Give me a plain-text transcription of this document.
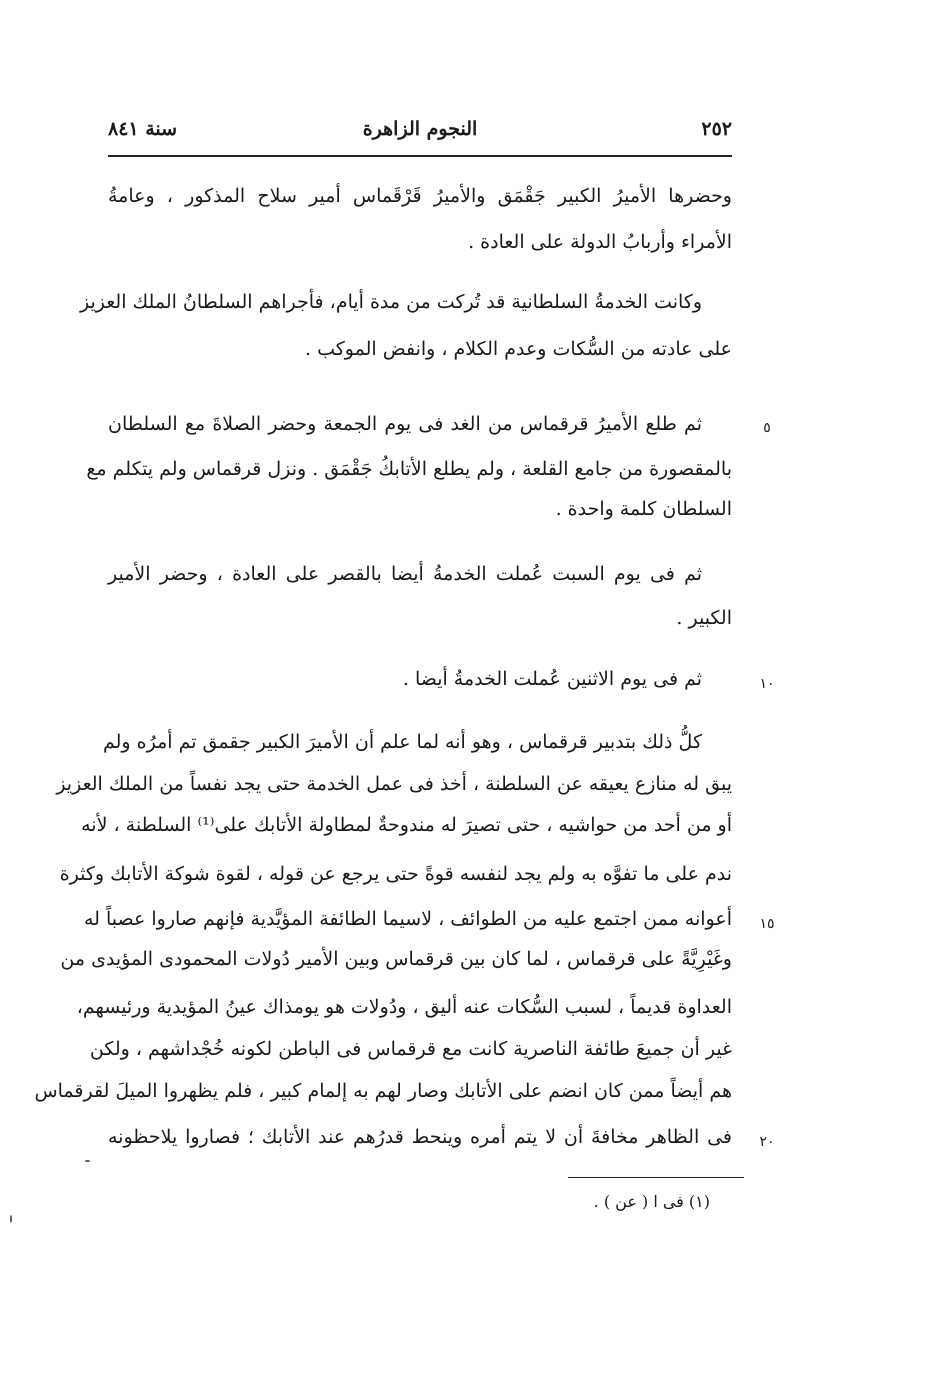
٢٥٢
النجوم الزاهرة
سنة ٨٤١
وحضرها الأميرُ الكبير جَقْمَق والأميرُ قَرْقَماس أمير سلاح المذكور ، وعامةُ
الأمراء وأربابُ الدولة على العادة .
وكانت الخدمةُ السلطانية قد تُركت من مدة أيام، فأجراهم السلطانُ الملك العزيز
على عادته من السُّكات وعدم الكلام ، وانفض الموكب .
ثم طلع الأميرُ قرقماس من الغد فى يوم الجمعة وحضر الصلاةَ مع السلطان
بالمقصورة من جامع القلعة ، ولم يطلع الأتابكُ جَقْمَق . ونزل قرقماس ولم يتكلم مع
السلطان كلمة واحدة .
ثم فى يوم السبت عُملت الخدمةُ أيضا بالقصر على العادة ، وحضر الأمير
الكبير .
ثم فى يوم الاثنين عُملت الخدمةُ أيضا .
كلُّ ذلك بتدبير قرقماس ، وهو أنه لما علم أن الأميرَ الكبير جقمق تم أمرُه ولم
يبق له منازع يعيقه عن السلطنة ، أخذ فى عمل الخدمة حتى يجد نفساً من الملك العزيز
أو من أحد من حواشيه ، حتى تصيرَ له مندوحةٌ لمطاولة الأتابك على⁽¹⁾ السلطنة ، لأنه
ندم على ما تفوَّه به ولم يجد لنفسه قوةً حتى يرجع عن قوله ، لقوة شوكة الأتابك وكثرة
أعوانه ممن اجتمع عليه من الطوائف ، لاسيما الطائفة المؤيَّدية فإنهم صاروا عصباً له
وغَيْرِيَّةً على قرقماس ، لما كان بين قرقماس وبين الأمير دُولات المحمودى المؤيدى من
العداوة قديماً ، لسبب السُّكات عنه أليق ، ودُولات هو يومذاك عينُ المؤيدية ورئيسهم،
غير أن جميعَ طائفة الناصرية كانت مع قرقماس فى الباطن لكونه خُجْداشهم ، ولكن
هم أيضاً ممن كان انضم على الأتابك وصار لهم به إلمام كبير ، فلم يظهروا الميلَ لقرقماس
فى الظاهر مخافةَ أن لا يتم أمره وينحط قدرُهم عند الأتابك ؛ فصاروا يلاحظونه
٥
١٠
١٥
٢٠
(١) فى ا ( عن ) .
